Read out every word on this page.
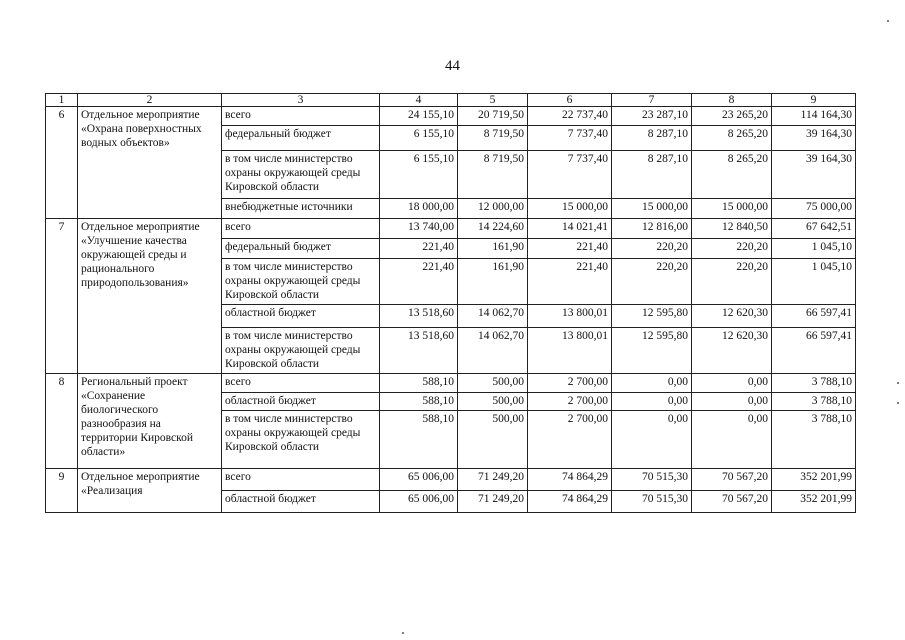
44
1	2	3	4	5	6	7	8	9
6	Отдельное мероприятие «Охрана поверхностных водных объектов»	всего	24 155,10	20 719,50	22 737,40	23 287,10	23 265,20	114 164,30
		федеральный бюджет	6 155,10	8 719,50	7 737,40	8 287,10	8 265,20	39 164,30
		в том числе министерство охраны окружающей среды Кировской области	6 155,10	8 719,50	7 737,40	8 287,10	8 265,20	39 164,30
		внебюджетные источники	18 000,00	12 000,00	15 000,00	15 000,00	15 000,00	75 000,00
7	Отдельное мероприятие «Улучшение качества окружающей среды и рационального природопользования»	всего	13 740,00	14 224,60	14 021,41	12 816,00	12 840,50	67 642,51
		федеральный бюджет	221,40	161,90	221,40	220,20	220,20	1 045,10
		в том числе министерство охраны окружающей среды Кировской области	221,40	161,90	221,40	220,20	220,20	1 045,10
		областной бюджет	13 518,60	14 062,70	13 800,01	12 595,80	12 620,30	66 597,41
		в том числе министерство охраны окружающей среды Кировской области	13 518,60	14 062,70	13 800,01	12 595,80	12 620,30	66 597,41
8	Региональный проект «Сохранение биологического разнообразия на территории Кировской области»	всего	588,10	500,00	2 700,00	0,00	0,00	3 788,10
		областной бюджет	588,10	500,00	2 700,00	0,00	0,00	3 788,10
		в том числе министерство охраны окружающей среды Кировской области	588,10	500,00	2 700,00	0,00	0,00	3 788,10
9	Отдельное мероприятие «Реализация	всего	65 006,00	71 249,20	74 864,29	70 515,30	70 567,20	352 201,99
		областной бюджет	65 006,00	71 249,20	74 864,29	70 515,30	70 567,20	352 201,99
